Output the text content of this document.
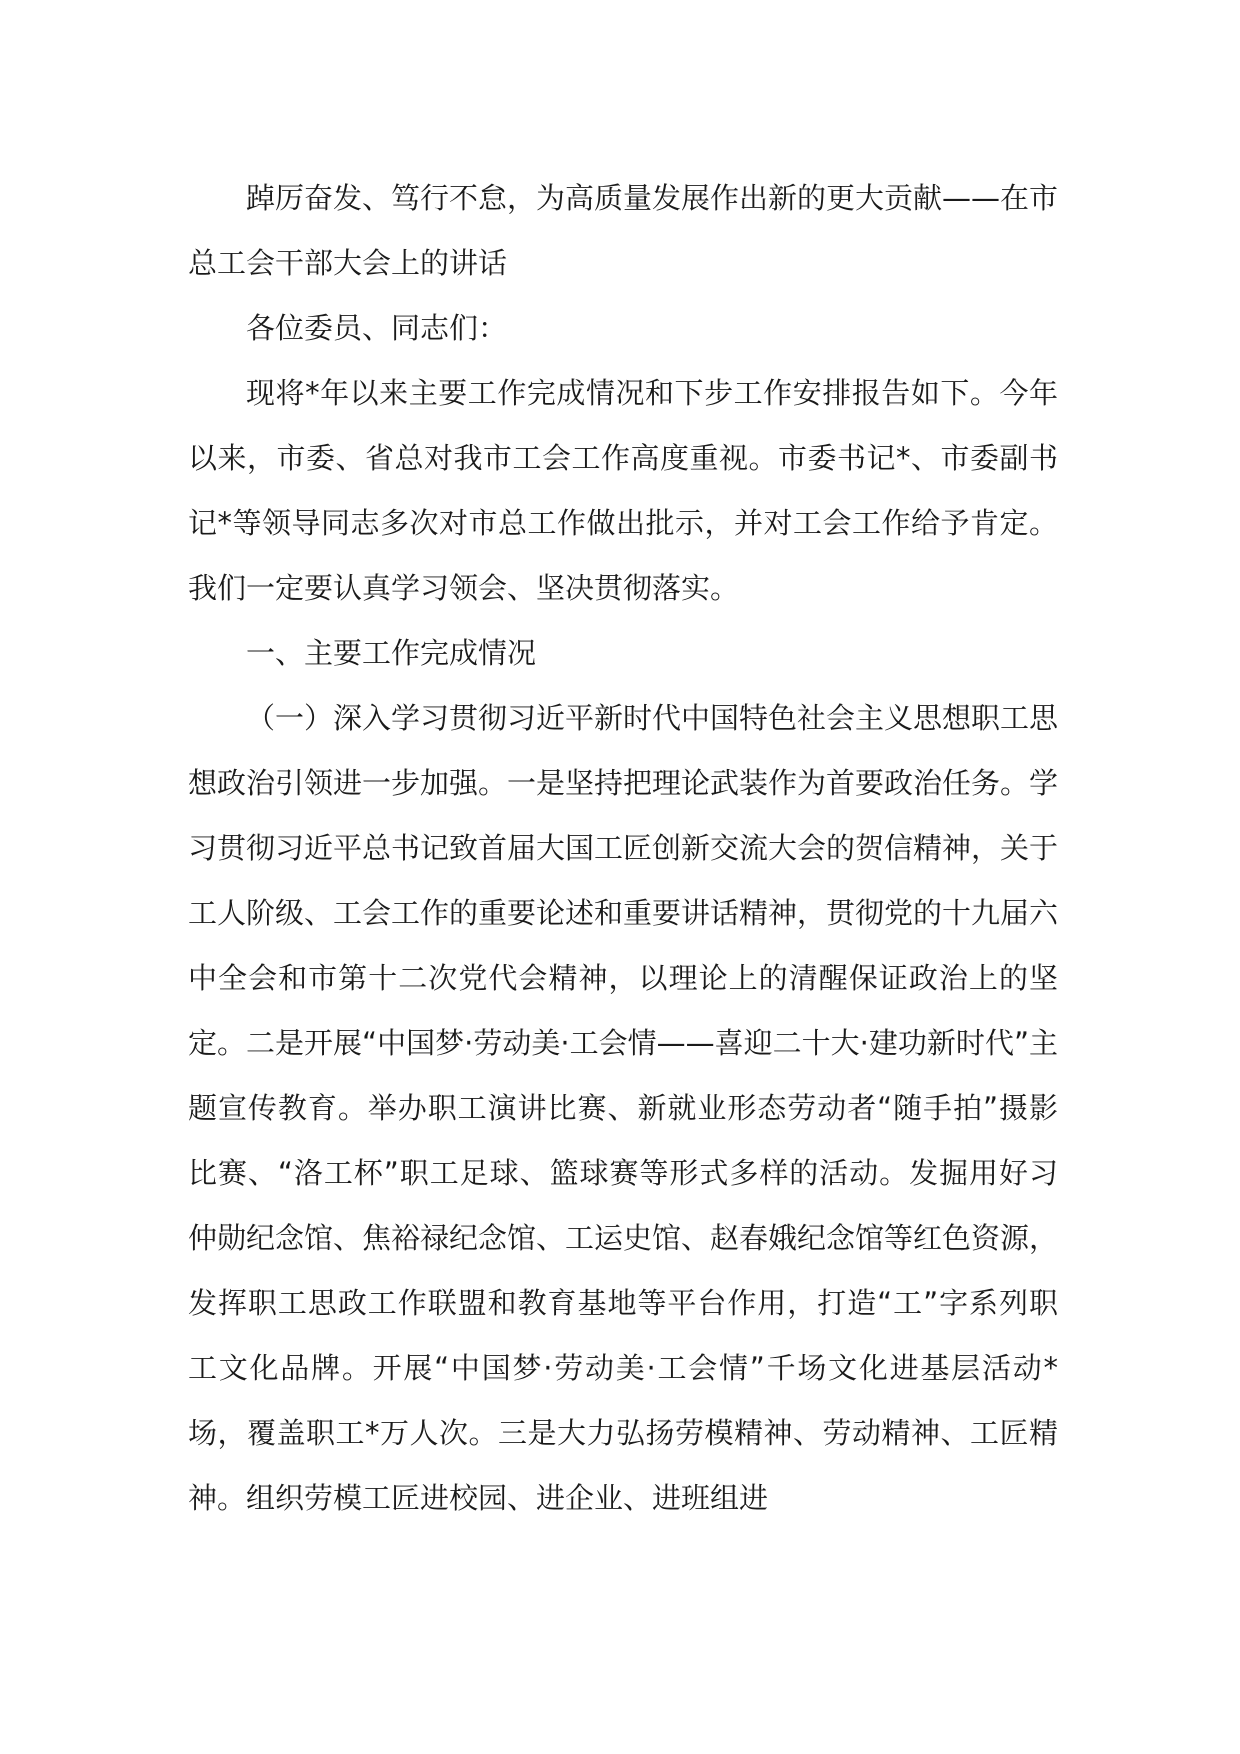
踔厉奋发、笃行不怠，为高质量发展作出新的更大贡献——在市总工会干部大会上的讲话

各位委员、同志们：

现将*年以来主要工作完成情况和下步工作安排报告如下。今年以来，市委、省总对我市工会工作高度重视。市委书记*、市委副书记*等领导同志多次对市总工作做出批示，并对工会工作给予肯定。我们一定要认真学习领会、坚决贯彻落实。

一、主要工作完成情况

（一）深入学习贯彻习近平新时代中国特色社会主义思想职工思想政治引领进一步加强。一是坚持把理论武装作为首要政治任务。学习贯彻习近平总书记致首届大国工匠创新交流大会的贺信精神，关于工人阶级、工会工作的重要论述和重要讲话精神，贯彻党的十九届六中全会和市第十二次党代会精神，以理论上的清醒保证政治上的坚定。二是开展“中国梦·劳动美·工会情——喜迎二十大·建功新时代”主题宣传教育。举办职工演讲比赛、新就业形态劳动者“随手拍”摄影比赛、“洛工杯”职工足球、篮球赛等形式多样的活动。发掘用好习仲勋纪念馆、焦裕禄纪念馆、工运史馆、赵春娥纪念馆等红色资源，发挥职工思政工作联盟和教育基地等平台作用，打造“工”字系列职工文化品牌。开展“中国梦·劳动美·工会情”千场文化进基层活动*场，覆盖职工*万人次。三是大力弘扬劳模精神、劳动精神、工匠精神。组织劳模工匠进校园、进企业、进班组进
